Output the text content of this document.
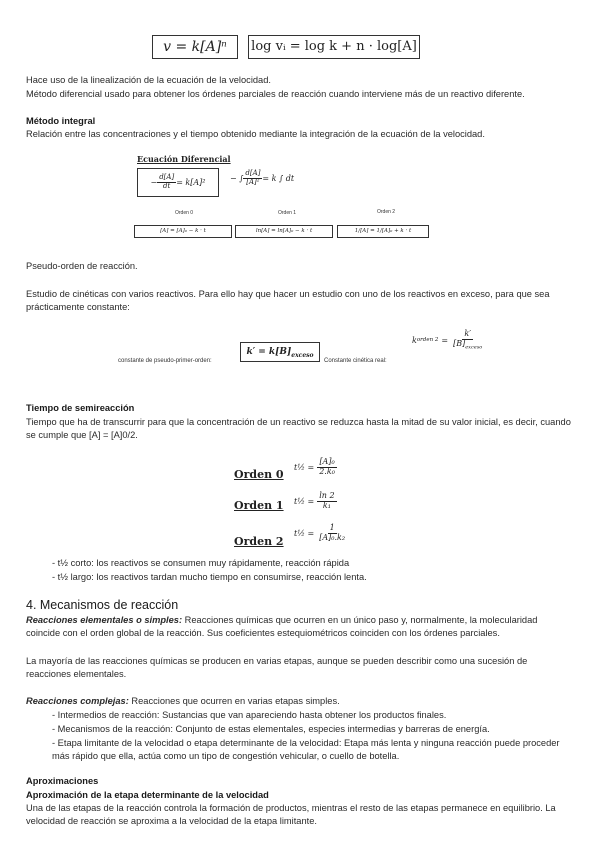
v = k[A]ⁿ	log vᵢ = log k + n · log[A]

Hace uso de la linealización de la ecuación de la velocidad.

Método diferencial usado para obtener los órdenes parciales de reacción cuando interviene más de un reactivo diferente.

Método integral

Relación entre las concentraciones y el tiempo obtenido mediante la integración de la ecuación de la velocidad.

Ecuación Diferencial
− $\frac{d[A]}{dt} = k[A]^2$	− ∫ $\frac{d[A]}{\text{[A]²}} = k$ ∫ dt
Orden 0	Orden 1	Orden 2
[A] = [A]₀ − k · t	ln[A] = ln[A]₀ − k · t	1/[A] = 1/[A]₀ + k · t

Pseudo-orden de reacción.

Estudio de cinéticas con varios reactivos. Para ello hay que hacer un estudio con uno de los reactivos en exceso, para que sea prácticamente constante:

constante de pseudo-primer-orden:
$k' = k[B]_{exceso}$
Constante cinética real:
k orden $2 = \frac{k'}{[B]_{exceso}}$

Tiempo de semireacción

Tiempo que ha de transcurrir para que la concentración de un reactivo se reduzca hasta la mitad de su valor inicial, es decir, cuando se cumple que [A] = [A]0/2.

Orden 0
t½ = $\frac{\text{[A]₀}}{\text{2.k₀}}$
Orden 1 t½ = $\frac{\ln 2}{\text{k₁}}$
Orden 2
t½ = $\frac{1}{\text{[A]₀.k₂}}$
- t½ corto: los reactivos se consumen muy rápidamente, reacción rápida
- t½ largo: los reactivos tardan mucho tiempo en consumirse, reacción lenta.
4. Mecanismos de reacción

Reacciones elementales o simples: Reacciones químicas que ocurren en un único paso y, normalmente, la molecularidad coincide con el orden global de la reacción. Sus coeficientes estequiométricos coinciden con los órdenes parciales.

La mayoría de las reacciones químicas se producen en varias etapas, aunque se pueden describir como una sucesión de reacciones elementales.

Reacciones complejas: Reacciones que ocurren en varias etapas simples.

- Intermedios de reacción: Sustancias que van apareciendo hasta obtener los productos finales.
- Mecanismos de la reacción: Conjunto de estas elementales, especies intermedias y barreras de energía.
- Etapa limitante de la velocidad o etapa determinante de la velocidad: Etapa más lenta y ninguna reacción puede proceder más rápido que ella, actúa como un tipo de congestión vehicular, o cuello de botella.

Aproximaciones

Aproximación de la etapa determinante de la velocidad

Una de las etapas de la reacción controla la formación de productos, mientras el resto de las etapas permanece en equilibrio. La velocidad de reacción se aproxima a la velocidad de la etapa limitante.
